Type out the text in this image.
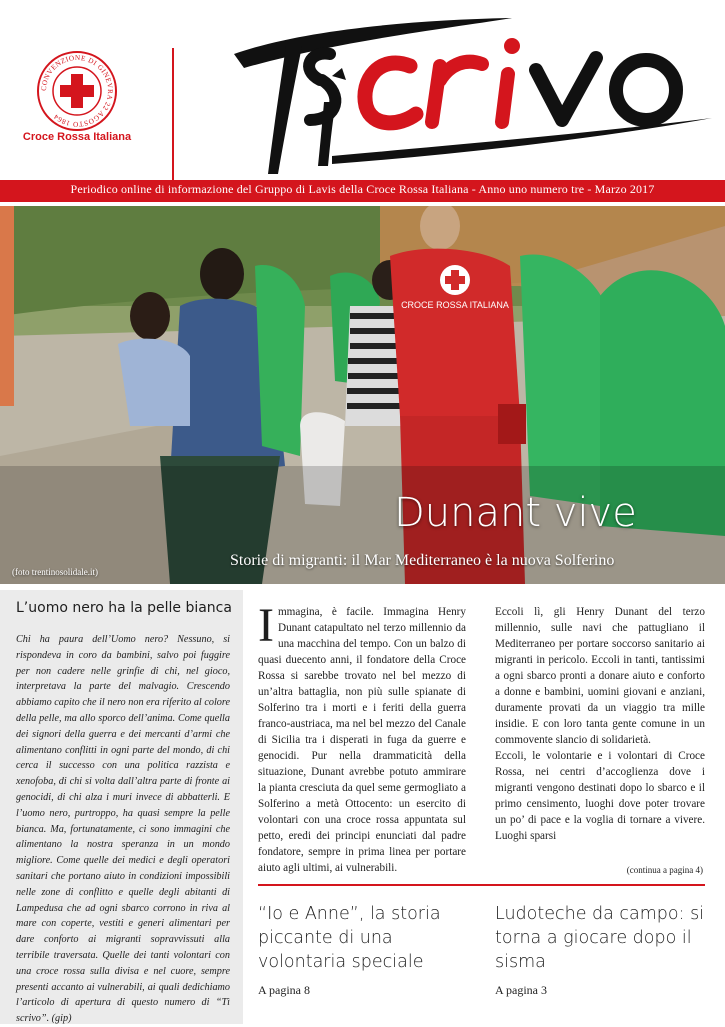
CONVENZIONE DI GINEVRA 22 AGOSTO 1864
Croce Rossa Italiana
Periodico online di informazione del Gruppo di Lavis della Croce Rossa Italiana - Anno uno numero tre - Marzo 2017
CROCE ROSSA ITALIANA
Dunant vive
Storie di migranti: il Mar Mediterraneo è la nuova Solferino
(foto trentinosolidale.it)
L’uomo nero ha la pelle bianca
Chi ha paura dell’Uomo nero? Nessuno, si rispondeva in coro da bambini, salvo poi fuggire per non cadere nelle grinfie di chi, nel gioco, interpretava la parte del malvagio. Crescendo abbiamo capito che il nero non era riferito al colore della pelle, ma allo sporco dell’anima. Come quella dei signori della guerra e dei mercanti d’armi che alimentano conflitti in ogni parte del mondo, di chi cerca il successo con una politica razzista e xenofoba, di chi si volta dall’altra parte di fronte ai genocidi, di chi alza i muri invece di abbatterli. E l’uomo nero, purtroppo, ha quasi sempre la pelle bianca. Ma, fortunatamente, ci sono immagini che alimentano la nostra speranza in un mondo migliore. Come quelle dei medici e degli operatori sanitari che portano aiuto in condizioni impossibili nelle zone di conflitto e quelle degli abitanti di Lampedusa che ad ogni sbarco corrono in riva al mare con coperte, vestiti e generi alimentari per dare conforto ai migranti sopravvissuti alla terribile traversata. Quelle dei tanti volontari con una croce rossa sulla divisa e nel cuore, sempre presenti accanto ai vulnerabili, ai quali dedichiamo l’articolo di apertura di questo numero di “Tì scrivo”. (gip)
Immagina, è facile. Immagina Henry Dunant catapultato nel terzo millennio da una macchina del tempo. Con un balzo di quasi duecento anni, il fondatore della Croce Rossa si sarebbe trovato nel bel mezzo di un’altra battaglia, non più sulle spianate di Solferino tra i morti e i feriti della guerra franco-austriaca, ma nel bel mezzo del Canale di Sicilia tra i disperati in fuga da guerre e genocidi. Pur nella drammaticità della situazione, Dunant avrebbe potuto ammirare la pianta cresciuta da quel seme germogliato a Solferino a metà Ottocento: un esercito di volontari con una croce rossa appuntata sul petto, eredi dei principi enunciati dal padre fondatore, sempre in prima linea per portare aiuto agli ultimi, ai vulnerabili.
Eccoli lì, gli Henry Dunant del terzo millennio, sulle navi che pattugliano il Mediterraneo per portare soccorso sanitario ai migranti in pericolo. Eccoli in tanti, tantissimi a ogni sbarco pronti a donare aiuto e conforto a donne e bambini, uomini giovani e anziani, duramente provati da un viaggio tra mille insidie. E con loro tanta gente comune in un commovente slancio di solidarietà.
Eccoli, le volontarie e i volontari di Croce Rossa, nei centri d’accoglienza dove i migranti vengono destinati dopo lo sbarco e il primo censimento, luoghi dove poter trovare un po’ di pace e la voglia di tornare a vivere. Luoghi sparsi
(continua a pagina 4)
“Io e Anne”, la storia piccante di una volontaria speciale
A pagina 8
Ludoteche da campo: si torna a giocare dopo il sisma
A pagina 3
